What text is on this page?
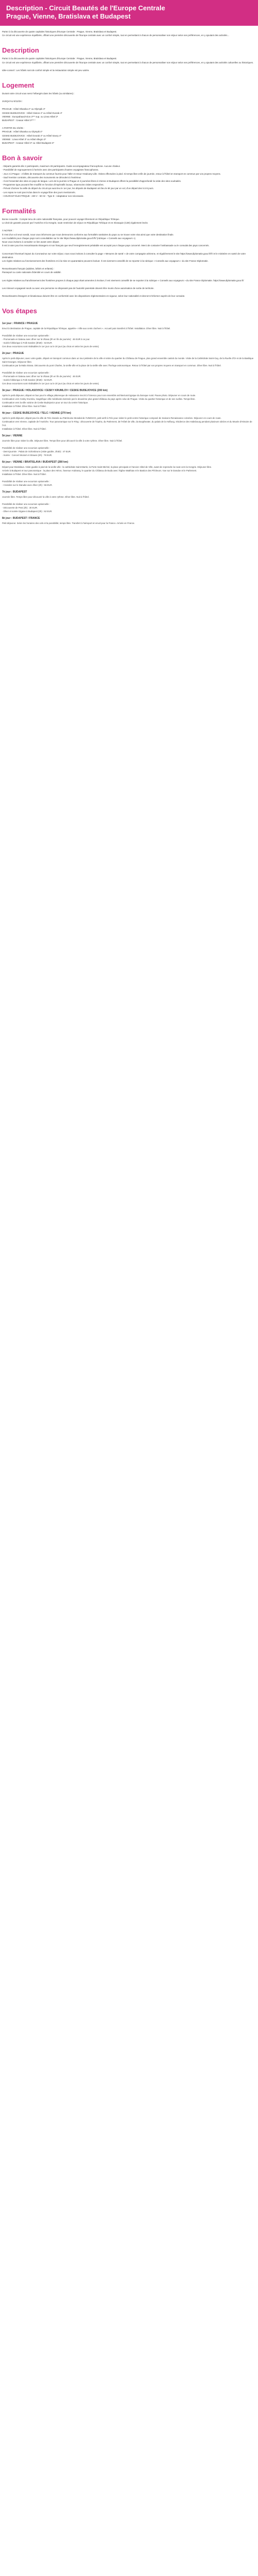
Description - Circuit Beautés de l'Europe Centrale
Prague, Vienne, Bratislava et Budapest

Partez à la découverte de quatre capitales historiques d'Europe Centrale : Prague, Vienne, Bratislava et Budapest.
Ce circuit est une expérience équilibrée, offrant une première découverte de l'Europe centrale avec un confort simple, tout en permettant à chacun de personnaliser son séjour selon ses préférences, en y ajoutant des activités...

Description

Partez à la découverte de quatre capitales historiques d'Europe Centrale : Prague, Vienne, Bratislava et Budapest.
Ce circuit est une expérience équilibrée, offrant une première découverte de l'Europe centrale avec un confort simple, tout en permettant à chacun de personnaliser son séjour selon ses préférences, en y ajoutant des activités culturelles ou historiques.

Idée-conseil : Les hôtels sont de confort simple et la restauration simple est peu variée.

Logement

Durant votre circuit vous serez hébergés dans les hôtels (ou similaires) :

JUSQU'AU 8/12/24 :

PRAGUE : Hôtel Olsanka 4* ou Olympik 4*
CESKE BUDEJOVICE : Hôtel Clarion 4* ou Hôtel Dvorak 4*
VIENNE : Europahaus/Arion 3*** sup. ou Linea Hôtel 3*
BUDAPEST : Ceasar Hôtel 3*** *

A PARTIR DU 2/3/25 :
PRAGUE : Hôtel Olsanka ou Olympik 4*
CESKE BUDEJOVICE : Hôtel Dvorak 4* ou Hôtel Savoy 4*
VIENNE : Linea Hôtel 3* ou Hôtel Allegro 3*
BUDAPEST : Ceasar Hôtel 3* ou Hôtel Budapest 3*

Bon à savoir

- Départs garantis dès 2 participants, maximum 49 participants. Guide accompagnateur francophone. Aucune chaleur.
- Possibilité de regroupement à l'arrivée avec des participants d'autres voyagistes francophones.
- Jour 2 à Prague : 2 billets de transport du commun fournis pour l'aller et retour Hradcany-Lille. Visites effectuées à pied. Si temps libre enfin de journée, retour à l'hôtel en transport en commun par vos propres moyens.
- Sauf mention contraire, découverte des monuments se déroulent à l'extérieur.
- Il est l'essentiel des sites en pays de langue. Lors de la journée à Prague et 2 journées libres à Vienne et Budapest offrent la possibilité d'approfondir la visite des sites souhaités.
- Programme type pouvant être modifié en fonction d'impératifs locaux, néanmoins visites respectées.
- Prévoir d'arriver la veille du départ du circuit qui aura lieu le 1er jour, les départs de Budapest ont lieu le 8è jour par un vol, d'un départ des 5 à 9 jours.
- Les repas ne sont pas inclus dans le voyage libre des jours mentionnés.
- COURANT ÉLECTRIQUE : 230 V - 50 Hz - Type E : Adaptateur non nécessaire.

Formalités

Bonne nouvelle : Compte tenu de votre nationalité française, pour pouvoir voyager librement en République Tchèque.
Le droit de garantir pouvoir par l'Autriche et la Hongrie, toute restriction de séjour en République Tchèque et en Slovaquie (CZE) également levée.

À NOTER :
Il n'est d'un vol veut nossib, nous vous informons que nous demeurons conforme aux formalités sanitaires du pays ou se trouve votre visa ainsi que votre destination finale.
Les modalités pour chaque pays sont consultables sur le site https://www.diplomatie.gouv.fr/fr/ (rubrique « Conseils aux voyageurs »).
Nous vous invitons à consulter ce lien avant votre départ.
Il est à noter pour les ressortissants étrangers et non français que seul l'enregistrement préalable est accepté pour chaque pays concerné. Merci de contacter l'ambassade ou le consulat des pays concernés.

Concernant l'éventuel impact du Coronavirus sur votre séjour, nous vous invitons à consulter la page « Mesures de santé » de votre compagnie aérienne, et régulièrement le site https://www.diplomatie.gouv.fr/fr/ et le ministère en santé de votre destination.
Les règles relatives au fonctionnement des frontières et à la mise en quarantaine peuvent évoluer. Il est vivement conseillé de se reporter à la rubrique « Conseils aux voyageurs » du site France Diplomatie.

Ressortissants français (adultes, bébés et enfants) :
Passeport ou carte nationale d'identité en cours de validité.

Les règles relatives au franchissement des frontières propres à chaque pays étant amenées à évoluer, il est vivement conseillé de se reporter à la rubrique « Conseils aux voyageurs » du site France Diplomatie. https://www.diplomatie.gouv.fr/

Les mineurs voyageant seuls ou avec une personne ne disposant pas de l'autorité parentale doivent être munis d'une autorisation de sortie de territoire.

Ressortissants étrangers et binationaux doivent être en conformité avec les dispositions réglementaires en vigueur, selon leur nationalité et devront s'informer auprès de leur consulat.

Vos étapes
1er jour : FRANCE / PRAGUE
Envol à destination de Prague, capitale de la République Tchèque, appelée « Ville aux cents clochers ». Accueil puis transfert à l'hôtel. Installation. Dîner libre. Nuit à l'hôtel.

Possibilité de réaliser une excursion optionnelle :
- Promenade en bateau avec dîner sur la Vltava (2h en fin de journée) : 46 EUR à ce jour.
- Soirée folklorique à Folk Garden (3h30) : 64 EUR.
Ces deux excursions sont réalisables le 1er jour ou le 2è jour (au choix et selon les jours de vente).
2è jour : PRAGUE
Après le petit déjeuner, avec votre guide, départ en transport commun dans un tour pédestre de la ville et visite du quartier du Château de Prague, plus grand ensemble castral du monde. Visite de la Cathédrale Saint-Guy, de la Ruelle d'Or et de la Basilique Saint-Georges. Déjeuner libre.
Continuation par la Mala Strana. Découverte du pont Charles, la vieille ville et la place de la vieille ville avec l'horloge astronomique. Retour à l'hôtel par vos propres moyens en transport en commun. Dîner libre. Nuit à l'hôtel.

Possibilité de réaliser une excursion optionnelle :
- Promenade en bateau avec dîner sur la Vltava (2h en fin de journée) : 46 EUR.
- Soirée folklorique à Folk Garden (3h30) : 64 EUR.
Ces deux excursions sont réalisables le 1er jour ou le 2è jour (au choix et selon les jours de vente).
3è jour : PRAGUE / HOLASOVICE / CESKY KRUMLOV / CESKE BUDEJOVICE (200 km)
Après le petit déjeuner, départ en bus pour le village pittoresque de Holasovice inscrit à l'Unesco pour son ensemble architectural typique du baroque rural. Pause photo. Déjeuner en cours de route.
Continuation vers Cesky Krumlov, magnifique ville médiévale dominée par le deuxième plus grand château du pays après celui de Prague. Visite du quartier historique et de ses ruelles. Temps libre.
Continuation vers la ville voisine de Ceske Budejovice pour un tour du centre historique.
Installation à l'hôtel. Dîner libre. Nuit à l'hôtel.
4è jour : CESKE BUDEJOVICE / TELC / VIENNE (270 km)
Après le petit déjeuner, départ pour la ville de Telc classée au Patrimoine Mondial de l'UNESCO, petit arrêt à Telc pour visiter le petit centre historique composé de maisons Renaissance colorées. Déjeuner en cours de route.
Continuation vers Vienne, capitale de l'Autriche. Tour panoramique sur le Ring : découverte de l'Opéra, du Parlement, de l'Hôtel de ville, du Burgtheater, du palais de la Hofburg, résidence des Habsbourg pendant plusieurs siècles et du Musée d'Histoire de l'Art.
Installation à l'hôtel. Dîner libre. Nuit à l'hôtel.
5è jour : VIENNE
Journée libre pour visiter la ville. Déjeuner libre. Temps libre pour découvrir la ville à votre rythme. Dîner libre. Nuit à l'hôtel.

Possibilité de réaliser une excursion optionnelle :
- Demi-journée : Palais de Schönbrunn (visite guidée, 3h30) : 47 EUR.
- Soirée : Concert Mozart et Strauss (2h) : 78 EUR.
6è jour : VIENNE / BRATISLAVA / BUDAPEST (280 km)
Départ pour Bratislava. Visite guidée à pied de la vieille ville : la cathédrale Saint-Martin, la Porte Saint-Michel, la place principale et l'ancien Hôtel de Ville, avant de reprendre la route vers la Hongrie. Déjeuner libre.
Arrivée à Budapest et tour panoramique : la place des Héros, l'avenue Andrassy, le quartier du Château de Buda avec l'église Matthias et le Bastion des Pêcheurs. Vue sur le Danube et le Parlement.
Installation à l'hôtel. Dîner libre. Nuit à l'hôtel.

Possibilité de réaliser une excursion optionnelle :
- Croisière sur le Danube avec dîner (2h) : 55 EUR.
7è jour : BUDAPEST
Journée libre. Temps libre pour découvrir la ville à votre rythme. Dîner libre. Nuit à l'hôtel.

Possibilité de réaliser une excursion optionnelle :
- Découverte de Pest (3h) : 30 EUR.
- Dîner et soirée tzigane à Budapest (3h) : 62 EUR.
8è jour : BUDAPEST / FRANCE
Petit déjeuner. Selon les horaires des vols et la possibilité, temps libre. Transfert à l'aéroport et envol pour la France. Arrivée en France.
